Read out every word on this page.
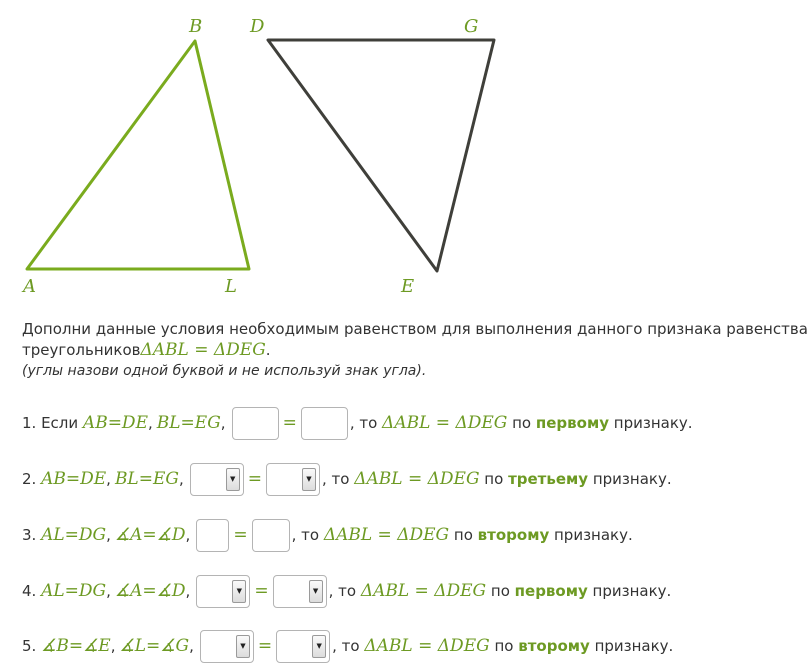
B	D	G
A	L	E
Дополни данные условия необходимым равенством для выполнения данного признака равенства
треугольниковΔABL = ΔDEG.
(углы назови одной буквой и не используй знак угла).
1. Если AB=DE , BL=EG ,	=	, то ΔABL = ΔDEG по первому признаку.
2. AB=DE , BL=EG ,	▼ =	▼ , то ΔABL = ΔDEG по третьему признаку.
3. AL=DG , ∡A=∡D ,	=	, то ΔABL = ΔDEG по второму признаку.
4. AL=DG , ∡A=∡D ,	▼ =	▼ , то ΔABL = ΔDEG по первому признаку.
5. ∡B=∡E , ∡L=∡G ,	▼ =	▼ , то ΔABL = ΔDEG по второму признаку.
